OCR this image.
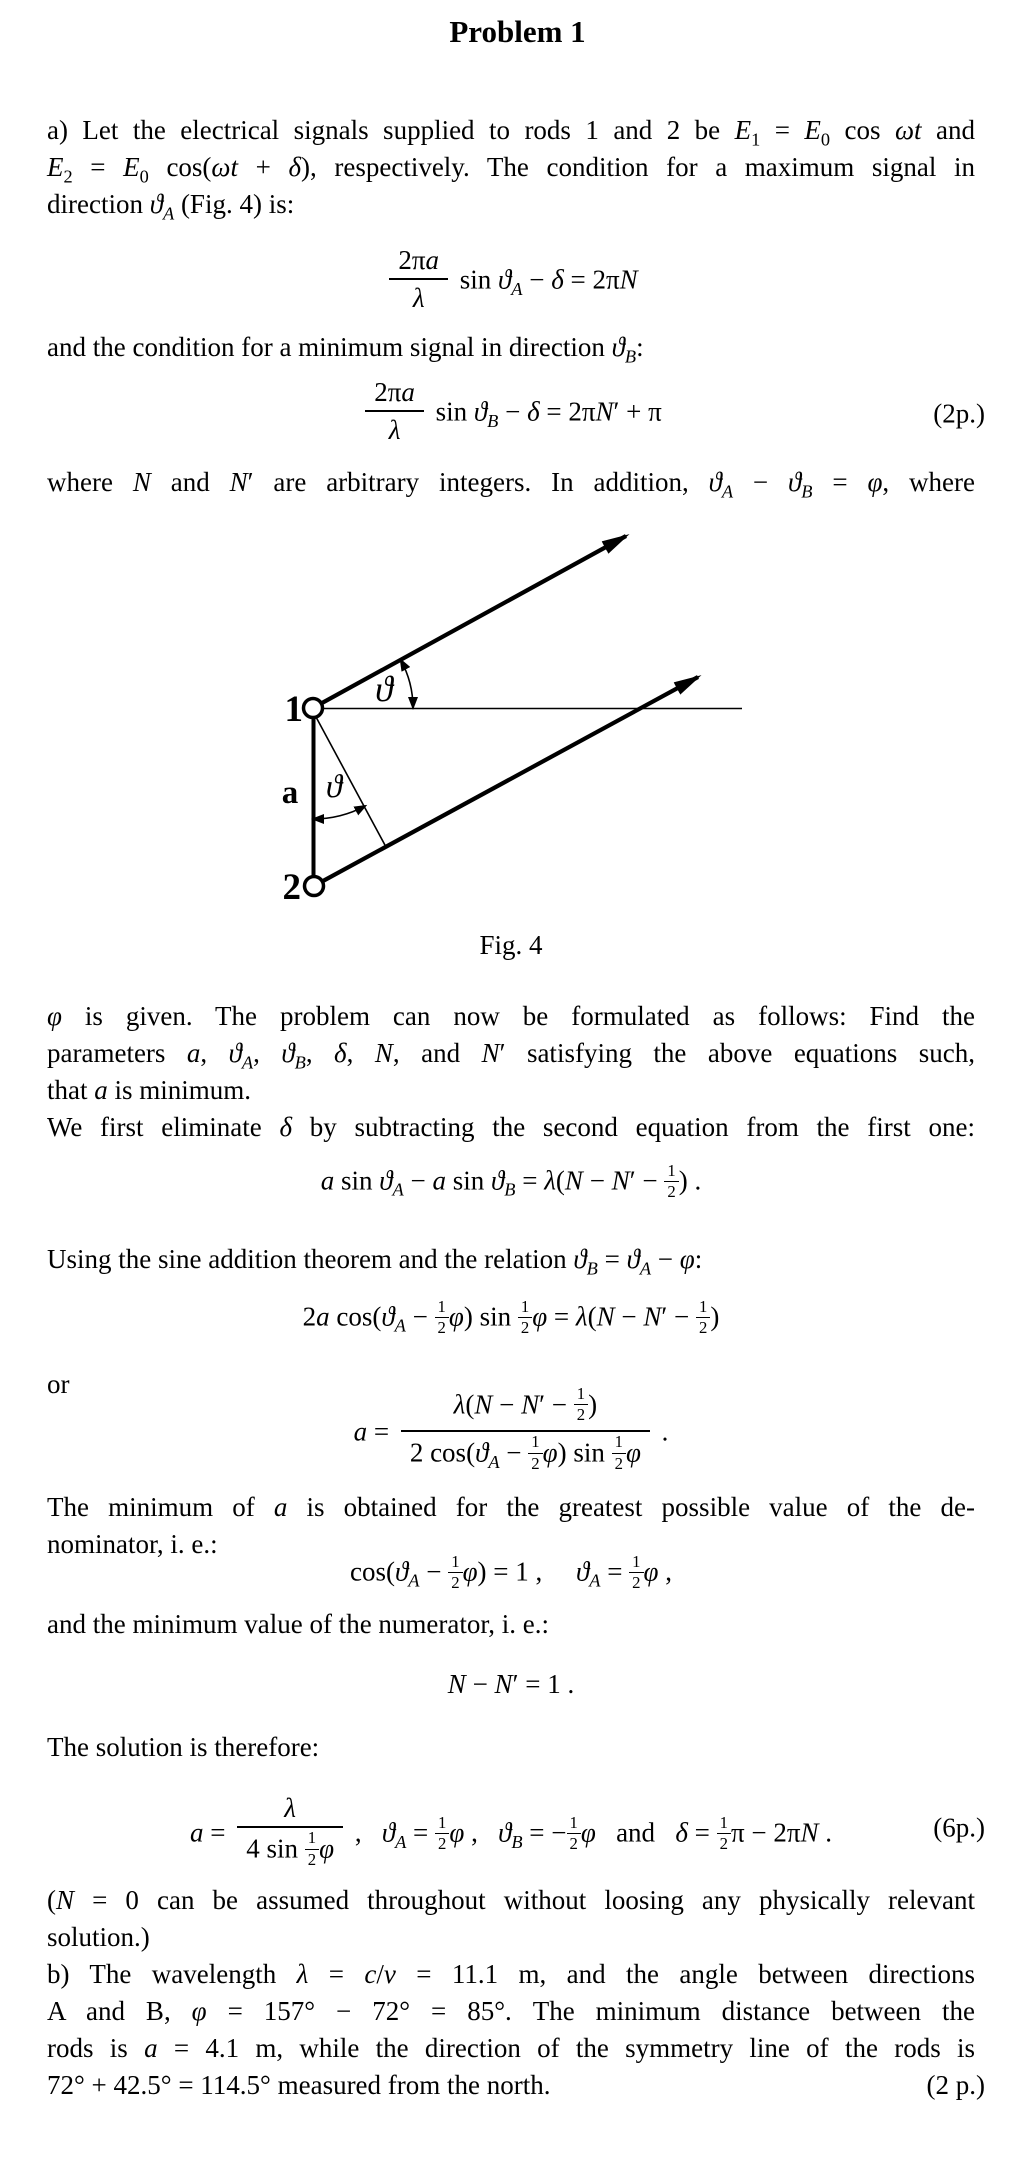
Problem 1
a) Let the electrical signals supplied to rods 1 and 2 be $E_1 = E_0$ cos ωt and
$E_2 = E_0$ cos(ωt + δ), respectively. The condition for a maximum signal in
direction $ϑ_A$ (Fig. 4) is:
$\frac{2\pi a}{\lambda}$ $\sin ϑ_A - \delta = 2\pi N$
and the condition for a minimum signal in direction $ϑ_B$:
$\frac{2\pi a}{\lambda}$ $\sin ϑ_B - \delta = 2\pi N' + \pi$	(2p.)
where N and N′ are arbitrary integers. In addition, $ϑ_A - ϑ_B = \varphi$, where
1
2
a
ϑ
ϑ
Fig. 4
φ is given. The problem can now be formulated as follows: Find the
parameters a, $ϑ_A$, $ϑ_B$, δ, N, and N′ satisfying the above equations such,
that a is minimum.
We first eliminate δ by subtracting the second equation from the first one:
a $\sin ϑ_A - a$ $\sin ϑ_B = \lambda(N - N' - \frac{1}{2}$ ) .
Using the sine addition theorem and the relation $ϑ_B = ϑ_A - \varphi$:
2a $\cos(ϑ_A - \frac{1}{2} \varphi)$ $\sin \frac{1}{2}$ $\varphi = \lambda(N - N' - \frac{1}{2}$ )
or
$a = \frac{\lambda(N - N' - \frac{1}{2} )}{2 \cos(ϑ_A - \frac{1}{2} \varphi) \sin \frac{1}{2} \varphi}$ .
The minimum of a is obtained for the greatest possible value of the de-
nominator, i. e.:
$\cos(ϑ_A - \frac{1}{2} \varphi) = 1$ ,     $ϑ_A = \frac{1}{2}$ φ ,
and the minimum value of the numerator, i. e.:
N − N′ = 1 .
The solution is therefore:
$a = \frac{\lambda}{4 \sin \frac{1}{2} \varphi}$ ,   $ϑ_A = \frac{1}{2}$ φ ,   $ϑ_B$ = − $\frac{1}{2}$ φ   and   $\delta = \frac{1}{2}$ π − 2πN .	(6p.)
(N = 0 can be assumed throughout without loosing any physically relevant
solution.)
b) The wavelength λ = c/ν = 11.1 m, and the angle between directions
A and B, φ = 157° − 72° = 85°. The minimum distance between the
rods is a = 4.1 m, while the direction of the symmetry line of the rods is
72° + 42.5° = 114.5° measured from the north.	(2 p.)
